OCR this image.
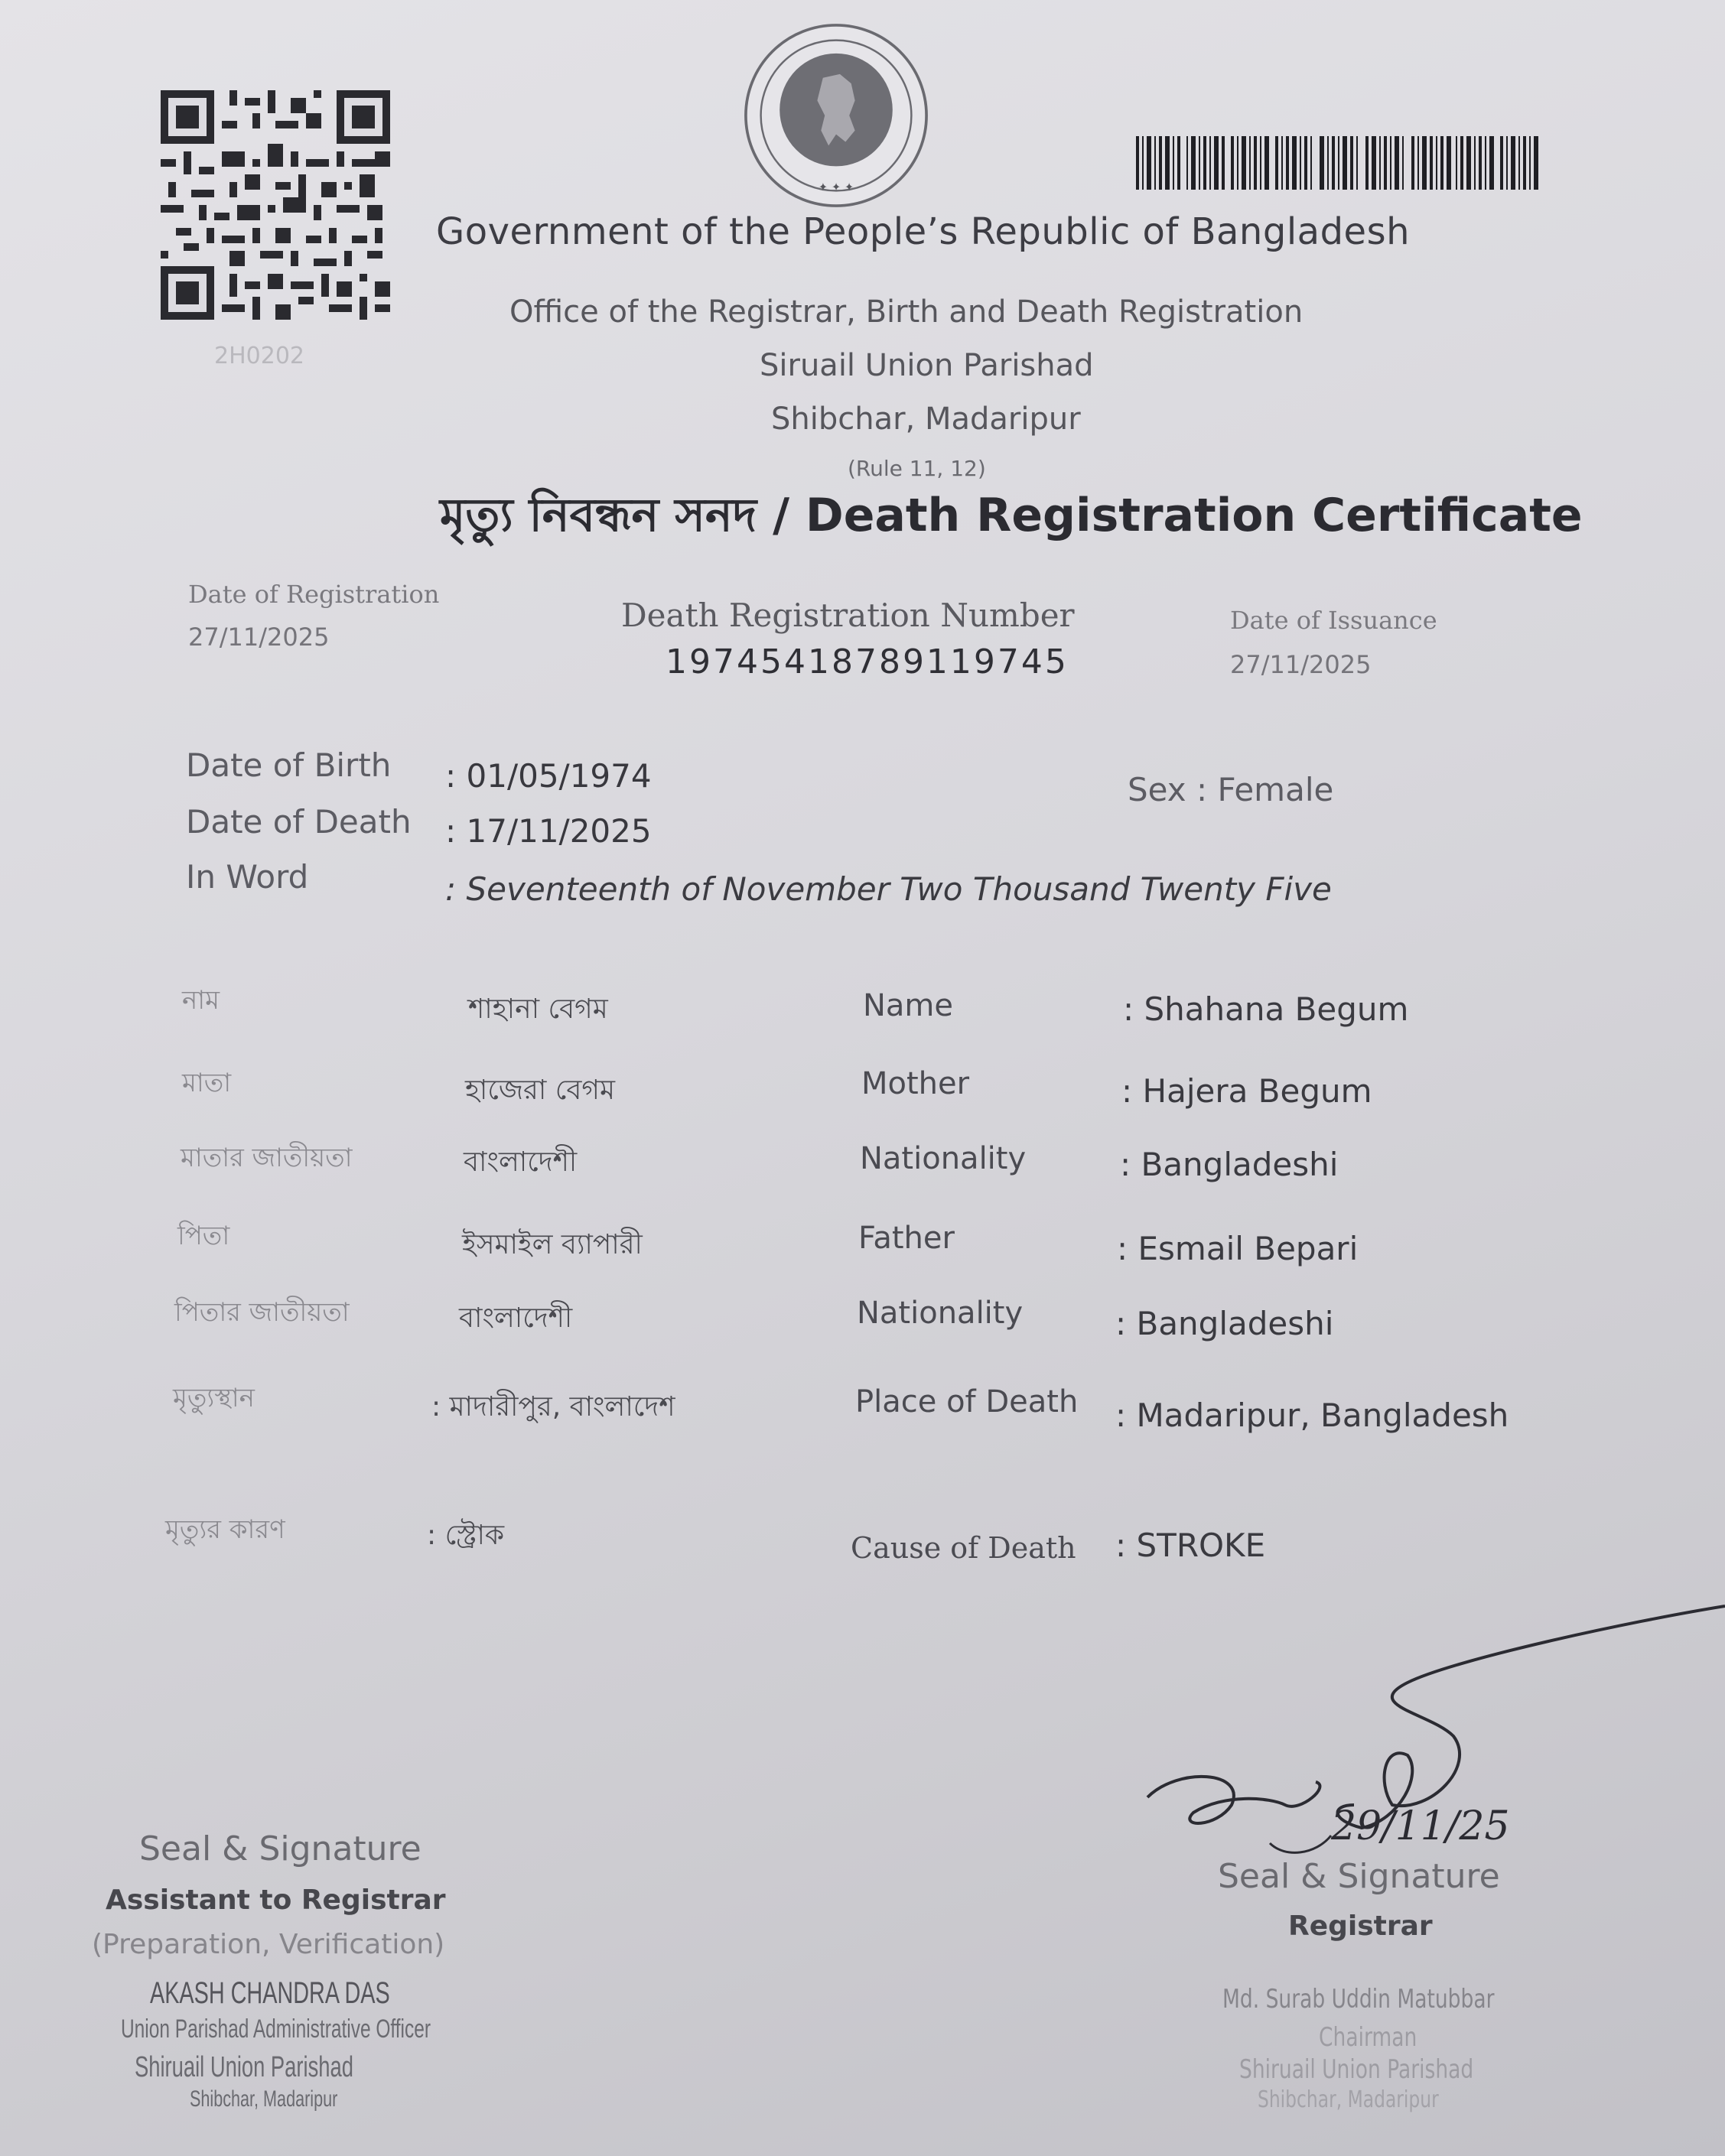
2H0202
✦ ✦ ✦
Government of the People’s Republic of Bangladesh
Office of the Registrar, Birth and Death Registration
Siruail Union Parishad
Shibchar, Madaripur
(Rule 11, 12)
মৃত্যু নিবন্ধন সনদ / Death Registration Certificate
Date of Registration
27/11/2025
Death Registration Number
19745418789119745
Date of Issuance
27/11/2025
Date of Birth : 01/05/1974
Date of Death : 17/11/2025
In Word	: Seventeenth of November Two Thousand Twenty Five
Sex : Female
নাম	শাহানা বেগম	Name	: Shahana Begum
মাতা	হাজেরা বেগম	Mother	: Hajera Begum
মাতার জাতীয়তা	বাংলাদেশী	Nationality	: Bangladeshi
পিতা	ইসমাইল ব্যাপারী	Father	: Esmail Bepari
পিতার জাতীয়তা	বাংলাদেশী	Nationality	: Bangladeshi
মৃত্যুস্থান	: মাদারীপুর, বাংলাদেশ	Place of Death : Madaripur, Bangladesh
মৃত্যুর কারণ	: স্ট্রোক	Cause of Death : STROKE
29/11/25
Seal & Signature
Assistant to Registrar
(Preparation, Verification)
AKASH CHANDRA DAS
Union Parishad Administrative Officer
Shiruail Union Parishad
Shibchar, Madaripur
Seal & Signature
Registrar
Md. Surab Uddin Matubbar
Chairman
Shiruail Union Parishad
Shibchar, Madaripur
